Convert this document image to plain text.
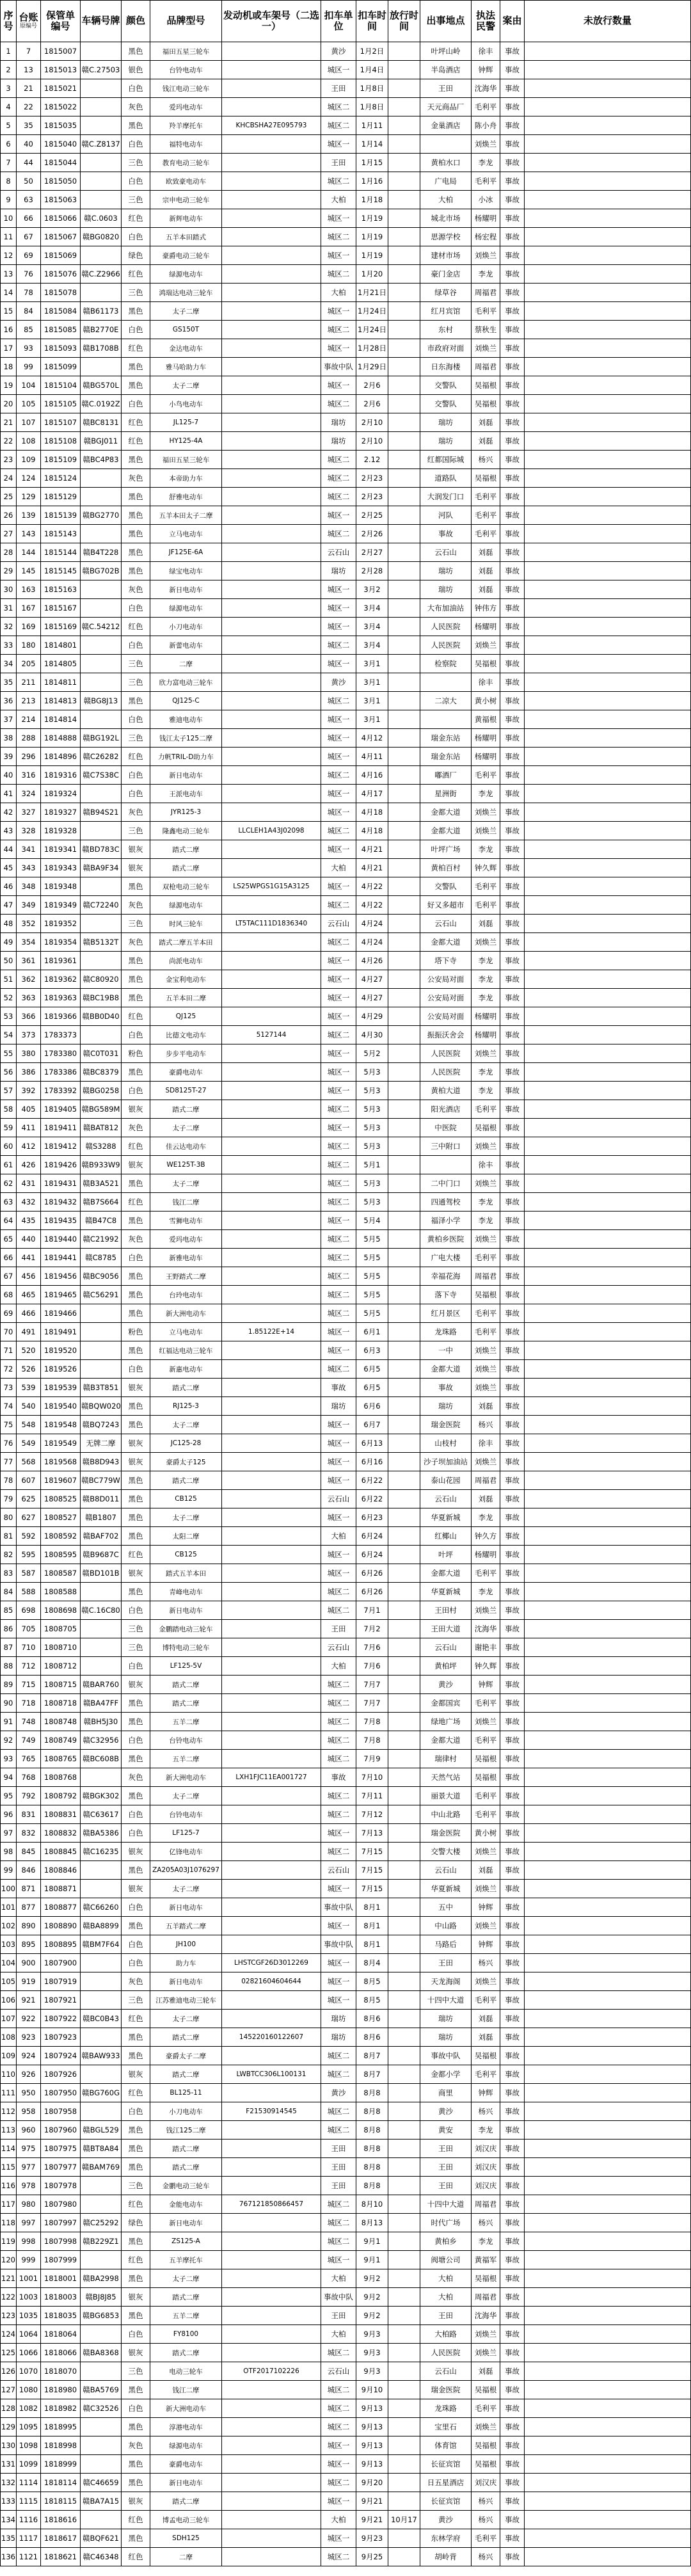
序号	台账
原编号	保管单编号	车辆号牌	颜色	品牌型号	发动机或车架号（二选一）	扣车单位	扣车时间	放行时间	出事地点	执法民警	案由	未放行数量
1	7	1815007		黑色	福田五星三轮车		黄沙	1月2日		叶坪山岭	徐丰	事故	
2	13	1815013	赣C.27503	银色	台铃电动车		城区一	1月4日		半岛酒店	钟辉	事故	
3	21	1815021		白色	钱江电动三轮车		王田	1月8日		王田	沈海华	事故	
4	22	1815022		灰色	爱玛电动车		城区二	1月8日		天元商品厂	毛利平	事故	
5	35	1815035		黑色	羚羊摩托车	KHCBSHA27E095793	城区二	1月11		金巢酒店	陈小舟	事故	
6	40	1815040	赣C.Z8137	白色	福特电动车		城区一	1月14			刘焕兰	事故	
7	44	1815044		三色	教育电动三轮车		王田	1月15		黄柏水口	李龙	事故	
8	50	1815050		白色	欧致豪电动车		城区二	1月16		广电局	毛利平	事故	
9	63	1815063		三色	宗申电动三轮车		大柏	1月18		大柏	小冰	事故	
10	66	1815066	赣C.0603	红色	新辉电动车		城区一	1月19		城北市场	杨耀明	事故	
11	67	1815067	赣BG0820	白色	五羊本田踏式		城区二	1月19		思源学校	杨宏程	事故	
12	69	1815069		绿色	豪爵电动三轮车		城区一	1月19		建材市场	刘焕兰	事故	
13	76	1815076	赣C.Z2966	红色	绿源电动车		城区二	1月20		豪门金店	李龙	事故	
14	78	1815078		三色	鸿瑞达电动三轮车		大柏	1月21日		绿草谷	周福君	事故	
15	84	1815084	赣B61173	黑色	太子二摩		城区一	1月24日		红月宾馆	毛利平	事故	
16	85	1815085	赣B2770E	白色	GS150T		城区二	1月24日		东村	蔡秋生	事故	
17	93	1815093	赣B1708B	红色	金达电动车		城区一	1月28日		市政府对面	刘焕兰	事故	
18	99	1815099		黑色	雅马哈助力车		事故中队	1月29日		日东海楼	周福君	事故	
19	104	1815104	赣BG570L	黑色	太子二摩		城区一	2月6		交警队	吴福根	事故	
20	105	1815105	赣C.0192Z	白色	小鸟电动车		城区二	2月6		交警队	吴福根	事故	
21	107	1815107	赣BC8131	红色	JL125-7		瑞坊	2月10		瑞坊	刘磊	事故	
22	108	1815108	赣BGJ011	红色	HY125-4A		瑞坊	2月10		瑞坊	刘磊	事故	
23	109	1815109	赣BC4P83	黑色	福田五星三轮车		城区二	2.12		红都国际城	杨兴	事故	
24	124	1815124		灰色	本帝助力车		城区二	2月23		道路队	吴福根	事故	
25	129	1815129		黑色	舒雅电动车		城区二	2月23		大润发门口	毛利平	事故	
26	139	1815139	赣BG2770	黑色	五羊本田太子二摩		城区一	2月25		河队	毛利平	事故	
27	143	1815143		黑色	立马电动车		城区二	2月26		事故	毛利平	事故	
28	144	1815144	赣B4T228	黑色	JF125E-6A		云石山	2月27		云石山	刘磊	事故	
29	145	1815145	赣BG702B	黑色	绿宝电动车		瑞坊	2月28		瑞坊	刘磊	事故	
30	163	1815163		灰色	新日电动车		城区一	3月2		瑞坊	刘磊	事故	
31	167	1815167		白色	绿源电动车		城区一	3月4		大布加油站	钟伟方	事故	
32	169	1815169	赣C.54212	红色	小刀电动车		城区一	3月4		人民医院	杨耀明	事故	
33	180	1814801		白色	新蕾电动车		城区二	3月4		人民医院	刘焕兰	事故	
34	205	1814805		三色	二摩		城区一	3月1		检察院	吴福根	事故	
35	211	1814811		三色	欣力富电动三轮车		黄沙	3月1			徐丰	事故	
36	213	1814813	赣BG8J13	黑色	QJ125-C		城区二	3月1		二凉大	黄小树	事故	
37	214	1814814		白色	雅迪电动车		城区一	3月1			黄福根	事故	
38	288	1814888	赣BG192L	三色	钱江太子125二摩		城区一	4月12		瑞金东站	杨耀明	事故	
39	296	1814896	赣C26282	红色	力帆TRIL-D助力车		城区一	4月11		瑞金东站	杨耀明	事故	
40	316	1819316	赣C7S38C	白色	新日电动车		城区二	4月16		嘟酒厂	毛利平	事故	
41	324	1819324		白色	王派电动车		城区一	4月17		星洲街	李龙	事故	
42	327	1819327	赣B94S21	灰色	JYR125-3		城区一	4月18		金都大道	刘焕兰	事故	
43	328	1819328		三色	隆鑫电动三轮车	LLCLEH1A43J02098	城区二	4月18		金都大道	刘焕兰	事故	
44	341	1819341	赣BD783C	银灰	踏式二摩		城区一	4月21		叶坪广场	李龙	事故	
45	343	1819343	赣BA9F34	银灰	踏式二摩		大柏	4月21		黄柏百村	钟久辉	事故	
46	348	1819348		黑色	双枪电动三轮车	LS25WPGS1G15A3125	城区一	4月22		交警队	毛利平	事故	
47	349	1819349	赣C72240	灰色	绿源电动车		城区二	4月22		好又多超市	毛利平	事故	
48	352	1819352		三色	时风三轮车	LT5TAC111D1836340	云石山	4月24		云石山	刘磊	事故	
49	354	1819354	赣B5132T	灰色	踏式二摩五羊本田		城区二	4月24		金都大道	刘焕兰	事故	
50	361	1819361		黑色	尚派电动车		城区一	4月26		塔下寺	李龙	事故	
51	362	1819362	赣C80920	黑色	金宝利电动车		城区一	4月27		公安局对面	李龙	事故	
52	363	1819363	赣BC19B8	黑色	五羊本田二摩		城区一	4月27		公安局对面	李龙	事故	
53	366	1819366	赣BB0D40	红色	QJ125		城区一	4月29		公安局对面	杨耀明	事故	
54	373	1783373		白色	比德文电动车	5127144	城区二	4月30		振振沃舍会	杨耀明	事故	
55	380	1783380	赣C0T031	粉色	步步平电动车		城区一	5月2		人民医院	刘焕兰	事故	
56	386	1783386	赣BC8379	黑色	豪爵电动车		城区一	5月3		人民医院	李龙	事故	
57	392	1783392	赣BG0258	白色	SD8125T-27		城区一	5月3		黄柏大道	李龙	事故	
58	405	1819405	赣BG589M	银灰	踏式二摩		城区二	5月3		阳光酒店	毛利平	事故	
59	411	1819411	赣BAT812	灰色	太子二摩		城区一	5月3		中医院	吴福根	事故	
60	412	1819412	赣S3288	红色	佳云达电动车		城区二	5月3		三中附口	刘焕兰	事故	
61	426	1819426	赣B933W9	银灰	WE125T-3B		城区二	5月1			徐丰	事故	
62	431	1819431	赣B3A521	黑色	太子二摩		城区二	5月3		二中门口	刘焕兰	事故	
63	432	1819432	赣B7S664	红色	钱江二摩		城区二	5月3		四通驾校	李龙	事故	
64	435	1819435	赣B47C8	黑色	雪狮电动车		城区一	5月4		福泽小学	李龙	事故	
65	440	1819440	赣C21992	灰色	爱玛电动车		城区二	5月5		黄柏乡医院	刘焕兰	事故	
66	441	1819441	赣C8785	白色	新雅电动车		城区二	5月5		广电大楼	毛利平	事故	
67	456	1819456	赣BC9056	黑色	王野踏式二摩		城区二	5月5		幸福花海	周福君	事故	
68	465	1819465	赣C56291	黑色	台玲电动车		城区二	5月5		落下寺	吴福根	事故	
69	466	1819466		黑色	新大洲电动车		城区二	5月5		红月景区	毛利平	事故	
70	491	1819491		粉色	立马电动车	1.85122E+14	城区一	6月1		龙珠路	毛利平	事故	
71	520	1819520		黑色	红福达电动三轮车		城区一	6月3		一中	刘焕兰	事故	
72	526	1819526		白色	新惠电动车		城区二	6月5		金都大道	刘焕兰	事故	
73	539	1819539	赣B3T851	银灰	踏式二摩		事故	6月5		事故	刘焕兰	事故	
74	540	1819540	赣BQW020	黑色	RJ125-3		瑞坊	6月6		瑞坊	刘磊	事故	
75	548	1819548	赣BQ7243	黑色	太子二摩		城区一	6月7		瑞金医院	杨兴	事故	
76	549	1819549	无牌二摩	银灰	JC125-28		城区一	6月13		山枝村	徐丰	事故	
77	568	1819568	赣B8D943	银灰	豪爵太子125		城区一	6月16		沙子坝加油站	刘焕兰	事故	
78	607	1819607	赣BC779W	黑色	踏式二摩		城区一	6月22		泰山花园	周福君	事故	
79	625	1808525	赣B8D011	黑色	CB125		云石山	6月22		云石山	刘磊	事故	
80	627	1808527	赣B1807	黑色	太子二摩		城区一	6月23		华夏新城	李龙	事故	
81	592	1808592	赣BAF702	黑色	太阳二摩		大柏	6月24		红椰山	钟久方	事故	
82	595	1808595	赣B9687C	红色	CB125		城区一	6月24		叶坪	杨耀明	事故	
83	587	1808587	赣BD101B	银灰	踏式五羊本田		城区一	6月26		金都大道	毛利平	事故	
84	588	1808588		黑色	青峰电动车		城区二	6月26		华夏新城	李龙	事故	
85	698	1808698	赣C.16C80	白色	新日电动车		城区二	7月1		王田村	刘焕兰	事故	
86	705	1808705		三色	金鹏踏电动三轮车		王田	7月2		王田大道	沈海华	事故	
87	710	1808710		三色	博特电动三轮车		云石山	7月6		云石山	谢艳丰	事故	
88	712	1808712		白色	LF125-5V		大柏	7月6		黄柏坪	钟久辉	事故	
89	715	1808715	赣BAR760	银灰	踏式二摩		城区二	7月7		黄沙	钟辉	事故	
90	718	1808718	赣BA47FF	黑色	踏式二摩		城区二	7月7		金都国宾	毛利平	事故	
91	748	1808748	赣BH5J30	黑色	五羊二摩		城区二	7月8		绿地广场	刘焕兰	事故	
92	749	1808749	赣C32956	白色	台铃电动车		城区二	7月8		金都大道	毛利平	事故	
93	765	1808765	赣BC608B	黑色	五羊二摩		城区二	7月9		瑞律村	吴福根	事故	
94	768	1808768		灰色	新大洲电动车	LXH1FJC11EA001727	事故	7月10		天然气站	吴福根	事故	
95	792	1808792	赣BGK302	黑色	太子二摩		城区二	7月11		丽景大道	毛利平	事故	
96	831	1808831	赣C63617	白色	台铃电动车		城区二	7月12		中山北路	毛利平	事故	
97	832	1808832	赣BA5386	白色	LF125-7		城区一	7月13		瑞金医院	黄小树	事故	
98	845	1808845	赣C16235	银灰	亿锋电动车		城区二	7月15		交警大楼	刘焕兰	事故	
99	846	1808846		黑色	ZA205A03J1076297		云石山	7月15		云石山	刘磊	事故	
100	871	1808871		银灰	太子二摩		城区一	7月15		华夏新城	刘焕兰	事故	
101	877	1808877	赣C66260	白色	新日电动车		事故中队	8月1		五中	钟辉	事故	
102	890	1808890	赣BA8899	黑色	五羊踏式二摩		城区一	8月1		中山路	刘焕兰	事故	
103	895	1808895	赣BM7F64	白色	JH100		事故中队	8月1		马路后	钟辉	事故	
104	900	1807900		白色	助力车	LHSTCGF26D3012269	城区一	8月4		王田	杨兴	事故	
105	919	1807919		灰色	新日电动车	02821604604644	城区一	8月5		天龙海阁	刘焕兰	事故	
106	921	1807921		三色	江苏雅迪电动三轮车		城区一	8月5		十四中大道	毛利平	事故	
107	922	1807922	赣BC0B43	红色	太子二摩		瑞坊	8月6		瑞坊	刘磊	事故	
108	923	1807923		黑色	踏式二摩	145220160122607	瑞坊	8月6		瑞坊	刘磊	事故	
109	924	1807924	赣BAW933	黑色	豪爵太子二摩		城区二	8月7		事故中队	吴福根	事故	
110	926	1807926		银灰	踏式二摩	LWBTCC306L100131	城区二	8月7		金都小学	毛利平	事故	
111	950	1807950	赣BG760G	红色	BL125-11		黄沙	8月8		商里	钟辉	事故	
112	958	1807958		白色	小刀电动车	F21530914545	城区二	8月8		黄沙	杨兴	事故	
113	960	1807960	赣BGL529	黑色	钱江125二摩		城区二	8月8		黄安	李龙	事故	
114	975	1807975	赣BT8A84	黑色	踏式二摩		王田	8月8		王田	刘汉庆	事故	
115	977	1807977	赣BAM769	黑色	踏式二摩		王田	8月8		王田	刘汉庆	事故	
116	978	1807978		三色	金鹏电动三轮车		王田	8月8		王田	刘汉庆	事故	
117	980	1807980		红色	金能电动车	767121850866457	城区二	8月10		十四中大道	周福君	事故	
118	997	1807997	赣C25292	绿色	新日电动车		城区二	8月13		时代广场	杨兴	事故	
119	998	1807998	赣B229Z1	黑色	ZS125-A		城区二	9月1		黄柏乡	李龙	事故	
120	999	1807999		红色	五羊摩托车		城区一	9月1		阀塘公司	黄福军	事故	
121	1001	1818001	赣BA2998	黑色	太子二摩		大柏	9月2		大柏	吴福根	事故	
122	1003	1818003	赣BJ8J85	银灰	踏式二摩		事故中队	9月2		大柏	周福君	事故	
123	1035	1818035	赣BG6853	黑色	五羊二摩		王田	9月2		王田	沈海华	事故	
124	1064	1818064		白色	FY8100		大柏	9月3		大柏路	刘焕兰	事故	
125	1066	1818066	赣BA8368	银灰	踏式二摩		城区二	9月3		人民医院	刘焕兰	事故	
126	1070	1818070		三色	电动三轮车	OTF2017102226	云石山	9月3		云石山	刘磊	事故	
127	1080	1818980	赣BA5769	黑色	钱江二摩		城区二	9月10		瑞金医院	吴福根	事故	
128	1082	1818982	赣C32526	白色	新大洲电动车		城区二	9月13		龙珠路	毛利平	事故	
129	1095	1818995		黑色	淳港电动车		城区二	9月13		宝里石	刘焕兰	事故	
130	1098	1818998		灰色	绿源电动车		城区一	9月13		体育馆	吴福根	事故	
131	1099	1818999		黑色	豪爵电动车		城区一	9月13		长征宾馆	吴福根	事故	
132	1114	1818114	赣C46659	黑色	新日电动车		城区二	9月20		日五星酒店	刘汉庆	事故	
133	1115	1818115	赣BA7A15	银灰	踏式二摩		城区一	9月21		长征宾馆	杨兴	事故	
134	1116	1818616		红色	博孟电动三轮车		大柏	9月21	10月17	黄沙	杨兴	事故	
135	1117	1818617	赣BQF621	黑色	SDH125		城区一	9月23		东林学府	毛利平	事故	
136	1121	1818621	赣C46348	红色	二摩		城区二	9月25		胡岭背	杨兴	事故	
